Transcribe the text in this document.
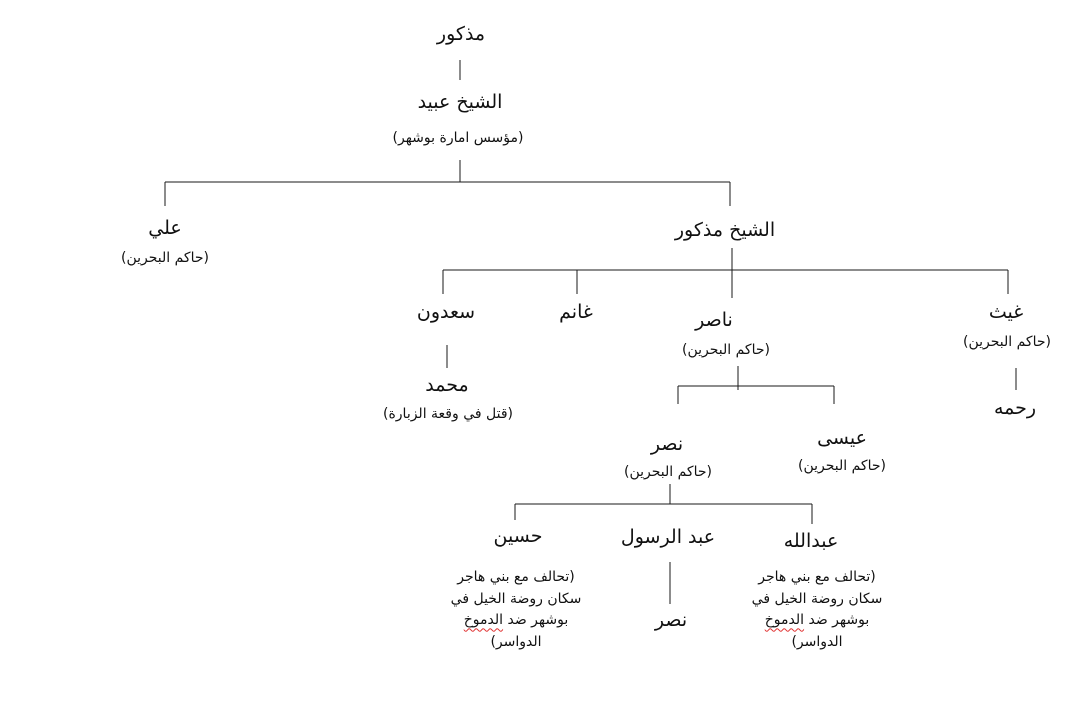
مذكور
الشيخ عبيد
(مؤسس امارة بوشهر)
علي
(حاكم البحرين)
الشيخ مذكور
سعدون	غانم	ناصر
(حاكم البحرين)
غيث
(حاكم البحرين)
محمد
(قتل في وقعة الزبارة)	رحمه
نصر
(حاكم البحرين)
عيسى
(حاكم البحرين)
حسين
(تحالف مع بني هاجر
سكان روضة الخيل في
بوشهر ضد الدموخ
الدواسر)
عبد الرسول
نصر
عبدالله
(تحالف مع بني هاجر
سكان روضة الخيل في
بوشهر ضد الدموخ
الدواسر)
